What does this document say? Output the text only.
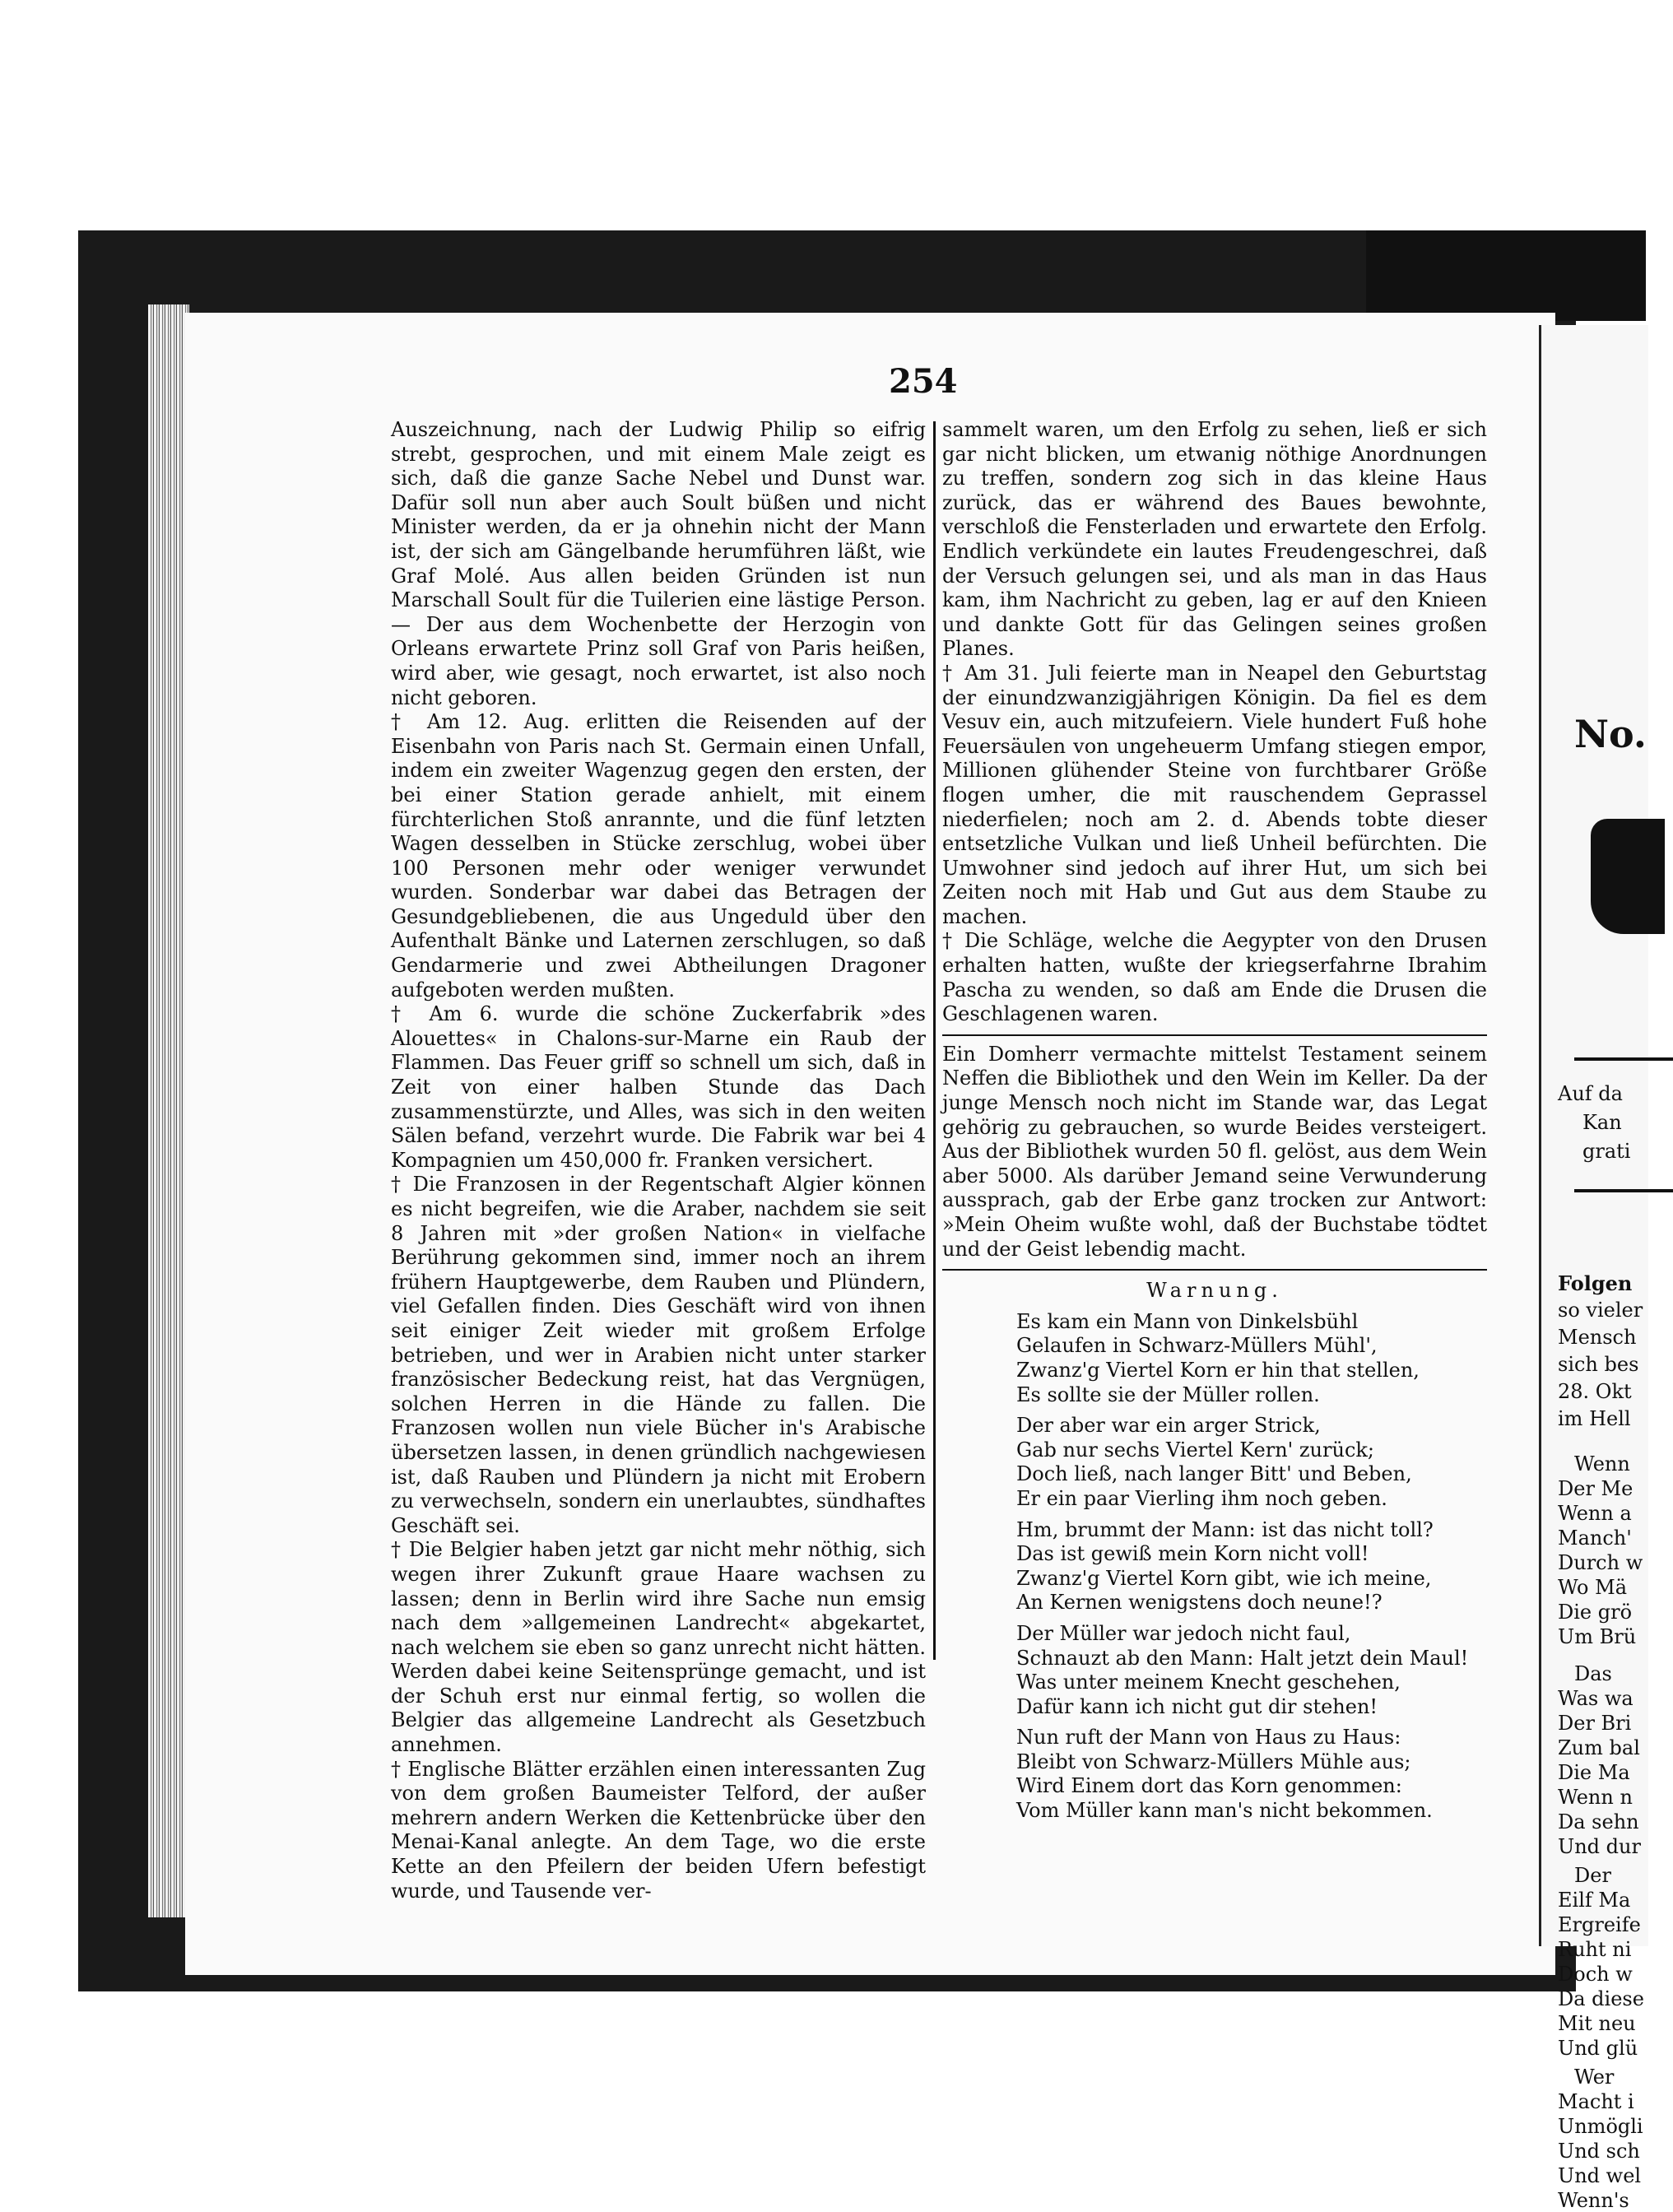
254

Auszeichnung, nach der Ludwig Philip so eifrig strebt, gesprochen, und mit einem Male zeigt es sich, daß die ganze Sache Nebel und Dunst war. Dafür soll nun aber auch Soult büßen und nicht Minister werden, da er ja ohnehin nicht der Mann ist, der sich am Gängelbande herumführen läßt, wie Graf Molé. Aus allen beiden Gründen ist nun Marschall Soult für die Tuilerien eine lästige Person. — Der aus dem Wochenbette der Herzogin von Orleans erwartete Prinz soll Graf von Paris heißen, wird aber, wie gesagt, noch erwartet, ist also noch nicht geboren.

† Am 12. Aug. erlitten die Reisenden auf der Eisenbahn von Paris nach St. Germain einen Unfall, indem ein zweiter Wagenzug gegen den ersten, der bei einer Station gerade anhielt, mit einem fürchterlichen Stoß anrannte, und die fünf letzten Wagen desselben in Stücke zerschlug, wobei über 100 Personen mehr oder weniger verwundet wurden. Sonderbar war dabei das Betragen der Gesundgebliebenen, die aus Ungeduld über den Aufenthalt Bänke und Laternen zerschlugen, so daß Gendarmerie und zwei Abtheilungen Dragoner aufgeboten werden mußten.

† Am 6. wurde die schöne Zuckerfabrik »des Alouettes« in Chalons-sur-Marne ein Raub der Flammen. Das Feuer griff so schnell um sich, daß in Zeit von einer halben Stunde das Dach zusammenstürzte, und Alles, was sich in den weiten Sälen befand, verzehrt wurde. Die Fabrik war bei 4 Kompagnien um 450,000 fr. Franken versichert.

† Die Franzosen in der Regentschaft Algier können es nicht begreifen, wie die Araber, nachdem sie seit 8 Jahren mit »der großen Nation« in vielfache Berührung gekommen sind, immer noch an ihrem frühern Hauptgewerbe, dem Rauben und Plündern, viel Gefallen finden. Dies Geschäft wird von ihnen seit einiger Zeit wieder mit großem Erfolge betrieben, und wer in Arabien nicht unter starker französischer Bedeckung reist, hat das Vergnügen, solchen Herren in die Hände zu fallen. Die Franzosen wollen nun viele Bücher in's Arabische übersetzen lassen, in denen gründlich nachgewiesen ist, daß Rauben und Plündern ja nicht mit Erobern zu verwechseln, sondern ein unerlaubtes, sündhaftes Geschäft sei.

† Die Belgier haben jetzt gar nicht mehr nöthig, sich wegen ihrer Zukunft graue Haare wachsen zu lassen; denn in Berlin wird ihre Sache nun emsig nach dem »allgemeinen Landrecht« abgekartet, nach welchem sie eben so ganz unrecht nicht hätten. Werden dabei keine Seitensprünge gemacht, und ist der Schuh erst nur einmal fertig, so wollen die Belgier das allgemeine Landrecht als Gesetzbuch annehmen.

† Englische Blätter erzählen einen interessanten Zug von dem großen Baumeister Telford, der außer mehrern andern Werken die Kettenbrücke über den Menai-Kanal anlegte. An dem Tage, wo die erste Kette an den Pfeilern der beiden Ufern befestigt wurde, und Tausende ver-

sammelt waren, um den Erfolg zu sehen, ließ er sich gar nicht blicken, um etwanig nöthige Anordnungen zu treffen, sondern zog sich in das kleine Haus zurück, das er während des Baues bewohnte, verschloß die Fensterladen und erwartete den Erfolg. Endlich verkündete ein lautes Freudengeschrei, daß der Versuch gelungen sei, und als man in das Haus kam, ihm Nachricht zu geben, lag er auf den Knieen und dankte Gott für das Gelingen seines großen Planes.

† Am 31. Juli feierte man in Neapel den Geburtstag der einundzwanzigjährigen Königin. Da fiel es dem Vesuv ein, auch mitzufeiern. Viele hundert Fuß hohe Feuersäulen von ungeheuerm Umfang stiegen empor, Millionen glühender Steine von furchtbarer Größe flogen umher, die mit rauschendem Geprassel niederfielen; noch am 2. d. Abends tobte dieser entsetzliche Vulkan und ließ Unheil befürchten. Die Umwohner sind jedoch auf ihrer Hut, um sich bei Zeiten noch mit Hab und Gut aus dem Staube zu machen.

† Die Schläge, welche die Aegypter von den Drusen erhalten hatten, wußte der kriegserfahrne Ibrahim Pascha zu wenden, so daß am Ende die Drusen die Geschlagenen waren.

Ein Domherr vermachte mittelst Testament seinem Neffen die Bibliothek und den Wein im Keller. Da der junge Mensch noch nicht im Stande war, das Legat gehörig zu gebrauchen, so wurde Beides versteigert. Aus der Bibliothek wurden 50 fl. gelöst, aus dem Wein aber 5000. Als darüber Jemand seine Verwunderung aussprach, gab der Erbe ganz trocken zur Antwort: »Mein Oheim wußte wohl, daß der Buchstabe tödtet und der Geist lebendig macht.

Warnung.
Es kam ein Mann von Dinkelsbühl
Gelaufen in Schwarz-Müllers Mühl',
Zwanz'g Viertel Korn er hin that stellen,
Es sollte sie der Müller rollen.
Der aber war ein arger Strick,
Gab nur sechs Viertel Kern' zurück;
Doch ließ, nach langer Bitt' und Beben,
Er ein paar Vierling ihm noch geben.
Hm, brummt der Mann: ist das nicht toll?
Das ist gewiß mein Korn nicht voll!
Zwanz'g Viertel Korn gibt, wie ich meine,
An Kernen wenigstens doch neune!?
Der Müller war jedoch nicht faul,
Schnauzt ab den Mann: Halt jetzt dein Maul!
Was unter meinem Knecht geschehen,
Dafür kann ich nicht gut dir stehen!
Nun ruft der Mann von Haus zu Haus:
Bleibt von Schwarz-Müllers Mühle aus;
Wird Einem dort das Korn genommen:
Vom Müller kann man's nicht bekommen.
No.
Auf da
Kan
grati
Folgen
so vieler
Mensch
sich bes
28. Okt
im Hell
Wenn
Der Me
Wenn a
Manch'
Durch w
Wo Mä
Die grö
Um Brü
Das
Was wa
Der Bri
Zum bal
Die Ma
Wenn n
Da sehn
Und dur
Der
Eilf Ma
Ergreife
Ruht ni
Doch w
Da diese
Mit neu
Und glü
Wer
Macht i
Unmögli
Und sch
Und wel
Wenn's
